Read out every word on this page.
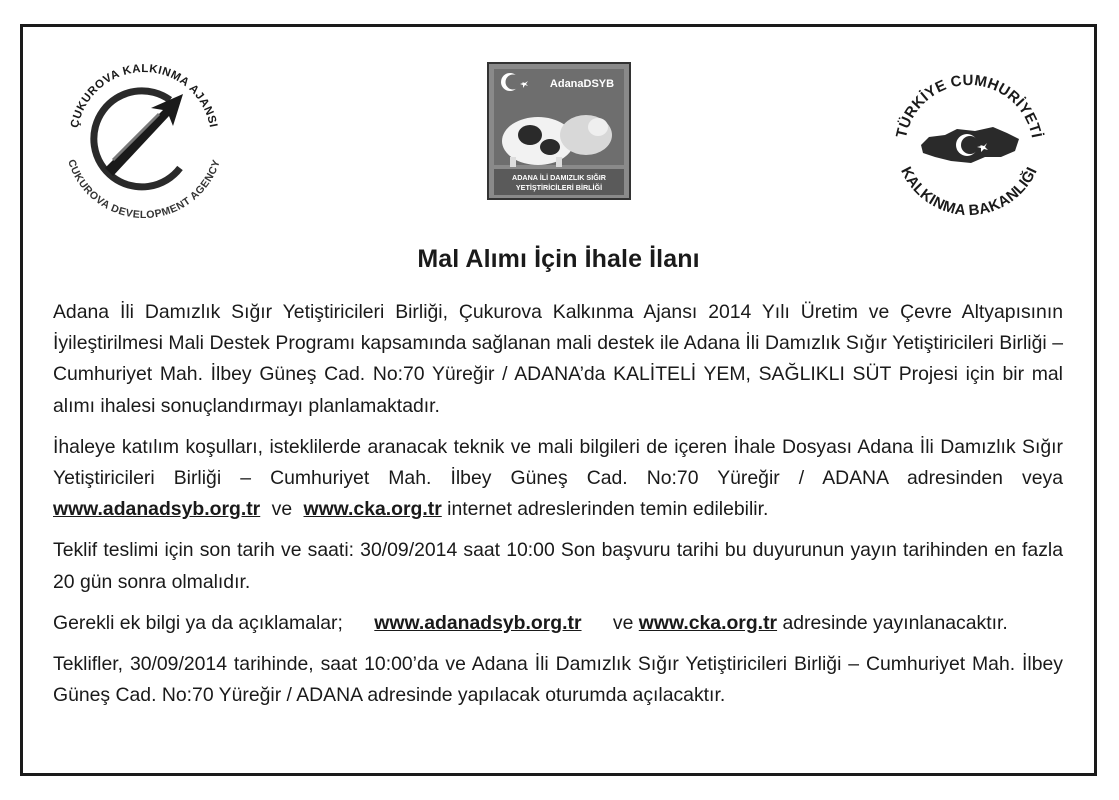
ÇUKUROVA KALKINMA AJANSI
CUKUROVA DEVELOPMENT AGENCY
AdanaDSYB
ADANA İLİ DAMIZLIK SIĞIR
YETİŞTİRİCİLERİ BİRLİĞİ
TÜRKİYE CUMHURİYETİ
KALKINMA BAKANLIĞI
Mal Alımı İçin İhale İlanı

Adana İli Damızlık Sığır Yetiştiricileri Birliği, Çukurova Kalkınma Ajansı 2014 Yılı Üretim ve Çevre Altyapısının İyileştirilmesi Mali Destek Programı kapsamında sağlanan mali destek ile Adana İli Damızlık Sığır Yetiştiricileri Birliği – Cumhuriyet Mah. İlbey Güneş Cad. No:70 Yüreğir / ADANA’da KALİTELİ YEM, SAĞLIKLI SÜT Projesi için bir mal alımı ihalesi sonuçlandırmayı planlamaktadır.

İhaleye katılım koşulları, isteklilerde aranacak teknik ve mali bilgileri de içeren İhale Dosyası Adana İli Damızlık Sığır Yetiştiricileri Birliği – Cumhuriyet Mah. İlbey Güneş Cad. No:70 Yüreğir / ADANA adresinden veya www.adanadsyb.org.tr ve www.cka.org.tr internet adreslerinden temin edilebilir.

Teklif teslimi için son tarih ve saati: 30/09/2014 saat 10:00 Son başvuru tarihi bu duyurunun yayın tarihinden en fazla 20 gün sonra olmalıdır.

Gerekli ek bilgi ya da açıklamalar; www.adanadsyb.org.tr ve www.cka.org.tr adresinde yayınlanacaktır.

Teklifler, 30/09/2014 tarihinde, saat 10:00’da ve Adana İli Damızlık Sığır Yetiştiricileri Birliği – Cumhuriyet Mah. İlbey Güneş Cad. No:70 Yüreğir / ADANA adresinde yapılacak oturumda açılacaktır.
